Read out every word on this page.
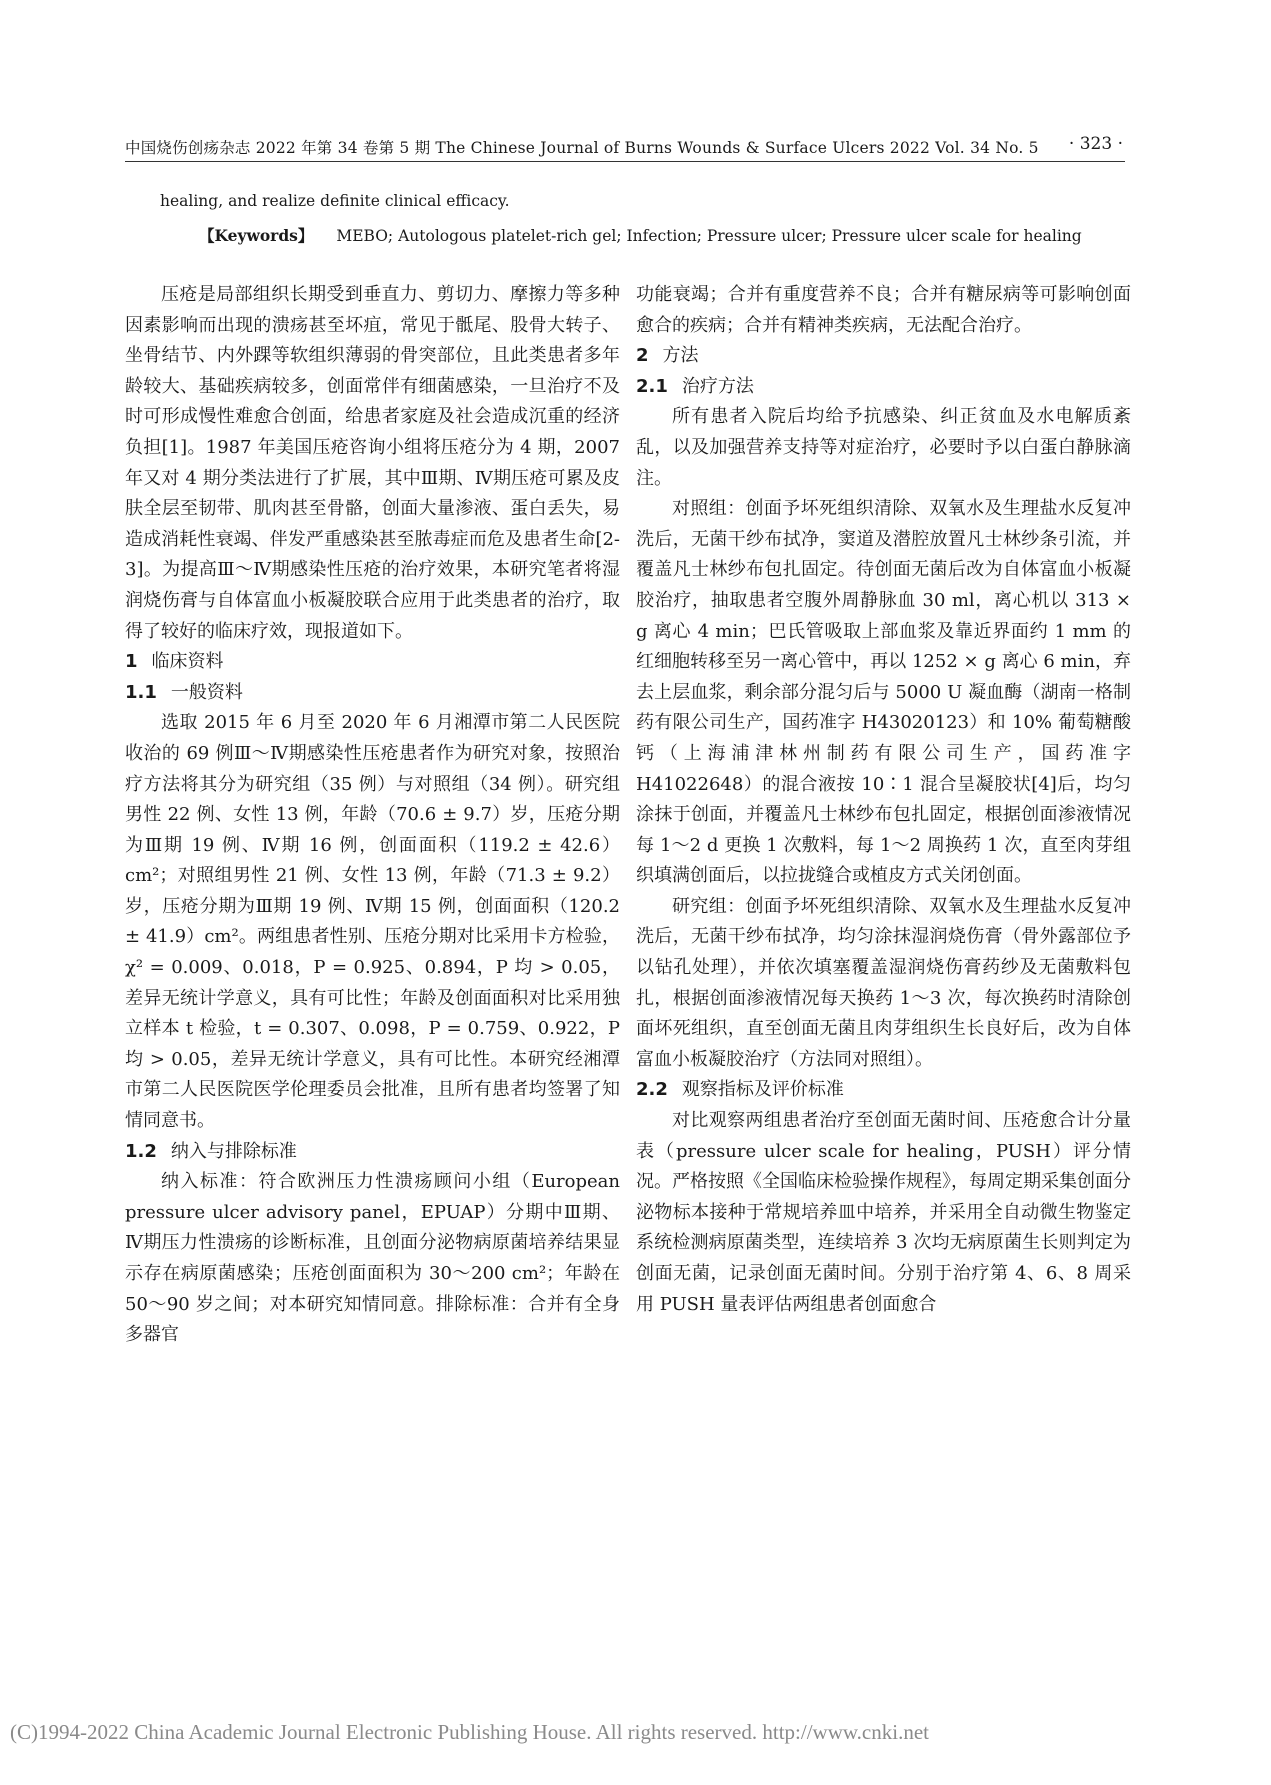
中国烧伤创疡杂志 2022 年第 34 卷第 5 期 The Chinese Journal of Burns Wounds & Surface Ulcers 2022 Vol. 34 No. 5	· 323 ·
healing, and realize definite clinical efficacy.
【Keywords】 MEBO; Autologous platelet-rich gel; Infection; Pressure ulcer; Pressure ulcer scale for healing

压疮是局部组织长期受到垂直力、剪切力、摩擦力等多种因素影响而出现的溃疡甚至坏疽，常见于骶尾、股骨大转子、坐骨结节、内外踝等软组织薄弱的骨突部位，且此类患者多年龄较大、基础疾病较多，创面常伴有细菌感染，一旦治疗不及时可形成慢性难愈合创面，给患者家庭及社会造成沉重的经济负担[1]。1987 年美国压疮咨询小组将压疮分为 4 期，2007 年又对 4 期分类法进行了扩展，其中Ⅲ期、Ⅳ期压疮可累及皮肤全层至韧带、肌肉甚至骨骼，创面大量渗液、蛋白丢失，易造成消耗性衰竭、伴发严重感染甚至脓毒症而危及患者生命[2-3]。为提高Ⅲ～Ⅳ期感染性压疮的治疗效果，本研究笔者将湿润烧伤膏与自体富血小板凝胶联合应用于此类患者的治疗，取得了较好的临床疗效，现报道如下。

1 临床资料
1.1 一般资料

选取 2015 年 6 月至 2020 年 6 月湘潭市第二人民医院收治的 69 例Ⅲ～Ⅳ期感染性压疮患者作为研究对象，按照治疗方法将其分为研究组（35 例）与对照组（34 例）。研究组男性 22 例、女性 13 例，年龄（70.6 ± 9.7）岁，压疮分期为Ⅲ期 19 例、Ⅳ期 16 例，创面面积（119.2 ± 42.6）cm²；对照组男性 21 例、女性 13 例，年龄（71.3 ± 9.2）岁，压疮分期为Ⅲ期 19 例、Ⅳ期 15 例，创面面积（120.2 ± 41.9）cm²。两组患者性别、压疮分期对比采用卡方检验，χ² = 0.009、0.018，P = 0.925、0.894，P 均 > 0.05，差异无统计学意义，具有可比性；年龄及创面面积对比采用独立样本 t 检验，t = 0.307、0.098，P = 0.759、0.922，P 均 > 0.05，差异无统计学意义，具有可比性。本研究经湘潭市第二人民医院医学伦理委员会批准，且所有患者均签署了知情同意书。

1.2 纳入与排除标准

纳入标准：符合欧洲压力性溃疡顾问小组（European pressure ulcer advisory panel，EPUAP）分期中Ⅲ期、Ⅳ期压力性溃疡的诊断标准，且创面分泌物病原菌培养结果显示存在病原菌感染；压疮创面面积为 30～200 cm²；年龄在 50～90 岁之间；对本研究知情同意。排除标准：合并有全身多器官

功能衰竭；合并有重度营养不良；合并有糖尿病等可影响创面愈合的疾病；合并有精神类疾病，无法配合治疗。

2 方法
2.1 治疗方法

所有患者入院后均给予抗感染、纠正贫血及水电解质紊乱，以及加强营养支持等对症治疗，必要时予以白蛋白静脉滴注。

对照组：创面予坏死组织清除、双氧水及生理盐水反复冲洗后，无菌干纱布拭净，窦道及潜腔放置凡士林纱条引流，并覆盖凡士林纱布包扎固定。待创面无菌后改为自体富血小板凝胶治疗，抽取患者空腹外周静脉血 30 ml，离心机以 313 × g 离心 4 min；巴氏管吸取上部血浆及靠近界面约 1 mm 的红细胞转移至另一离心管中，再以 1252 × g 离心 6 min，弃去上层血浆，剩余部分混匀后与 5000 U 凝血酶（湖南一格制药有限公司生产，国药准字 H43020123）和 10% 葡萄糖酸钙（上海浦津林州制药有限公司生产，国药准字 H41022648）的混合液按 10∶1 混合呈凝胶状[4]后，均匀涂抹于创面，并覆盖凡士林纱布包扎固定，根据创面渗液情况每 1～2 d 更换 1 次敷料，每 1～2 周换药 1 次，直至肉芽组织填满创面后，以拉拢缝合或植皮方式关闭创面。

研究组：创面予坏死组织清除、双氧水及生理盐水反复冲洗后，无菌干纱布拭净，均匀涂抹湿润烧伤膏（骨外露部位予以钻孔处理），并依次填塞覆盖湿润烧伤膏药纱及无菌敷料包扎，根据创面渗液情况每天换药 1～3 次，每次换药时清除创面坏死组织，直至创面无菌且肉芽组织生长良好后，改为自体富血小板凝胶治疗（方法同对照组）。

2.2 观察指标及评价标准

对比观察两组患者治疗至创面无菌时间、压疮愈合计分量表（pressure ulcer scale for healing，PUSH）评分情况。严格按照《全国临床检验操作规程》，每周定期采集创面分泌物标本接种于常规培养皿中培养，并采用全自动微生物鉴定系统检测病原菌类型，连续培养 3 次均无病原菌生长则判定为创面无菌，记录创面无菌时间。分别于治疗第 4、6、8 周采用 PUSH 量表评估两组患者创面愈合

(C)1994-2022 China Academic Journal Electronic Publishing House. All rights reserved. http://www.cnki.net
